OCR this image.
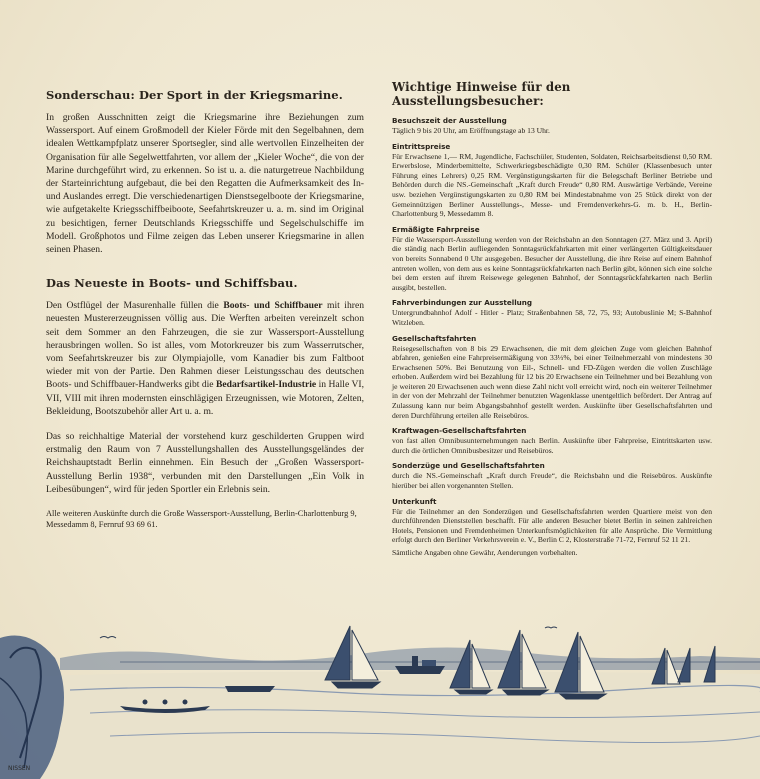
Sonderschau: Der Sport in der Kriegsmarine.

In großen Ausschnitten zeigt die Kriegsmarine ihre Beziehungen zum Wassersport. Auf einem Großmodell der Kieler Förde mit den Segelbahnen, dem idealen Wettkampfplatz unserer Sportsegler, sind alle wertvollen Einzelheiten der Organisation für alle Segelwettfahrten, vor allem der „Kieler Woche“, die von der Marine durchgeführt wird, zu erkennen. So ist u. a. die naturgetreue Nachbildung der Starteinrichtung aufgebaut, die bei den Regatten die Aufmerksamkeit des In- und Auslandes erregt. Die verschiedenartigen Dienstsegelboote der Kriegsmarine, wie aufgetakelte Kriegsschiffbeiboote, Seefahrtskreuzer u. a. m. sind im Original zu besichtigen, ferner Deutschlands Kriegsschiffe und Segelschulschiffe im Modell. Großphotos und Filme zeigen das Leben unserer Kriegsmarine in allen seinen Phasen.

Das Neueste in Boots- und Schiffsbau.

Den Ostflügel der Masurenhalle füllen die Boots- und Schiffbauer mit ihren neuesten Mustererzeugnissen völlig aus. Die Werften arbeiten vereinzelt schon seit dem Sommer an den Fahrzeugen, die sie zur Wassersport-Ausstellung herausbringen wollen. So ist alles, vom Motorkreuzer bis zum Wasserrutscher, vom Seefahrtskreuzer bis zur Olympiajolle, vom Kanadier bis zum Faltboot wieder mit von der Partie. Den Rahmen dieser Leistungsschau des deutschen Boots- und Schiffbauer-Handwerks gibt die Bedarfsartikel-Industrie in Halle VI, VII, VIII mit ihren modernsten einschlägigen Erzeugnissen, wie Motoren, Zelten, Bekleidung, Bootszubehör aller Art u. a. m.

Das so reichhaltige Material der vorstehend kurz geschilderten Gruppen wird erstmalig den Raum von 7 Ausstellungshallen des Ausstellungsgeländes der Reichshauptstadt Berlin einnehmen. Ein Besuch der „Großen Wassersport-Ausstellung Berlin 1938“, verbunden mit den Darstellungen „Ein Volk in Leibesübungen“, wird für jeden Sportler ein Erlebnis sein.

Alle weiteren Auskünfte durch die Große Wassersport-Ausstellung, Berlin-Charlottenburg 9, Messedamm 8, Fernruf 93 69 61.

Wichtige Hinweise für den Ausstellungsbesucher:
Besuchszeit der Ausstellung

Täglich 9 bis 20 Uhr, am Eröffnungstage ab 13 Uhr.

Eintrittspreise

Für Erwachsene 1,— RM, Jugendliche, Fachschüler, Studenten, Soldaten, Reichsarbeitsdienst 0,50 RM. Erwerbslose, Minderbemittelte, Schwerkriegsbeschädigte 0,30 RM. Schüler (Klassenbesuch unter Führung eines Lehrers) 0,25 RM. Vergünstigungskarten für die Belegschaft Berliner Betriebe und Behörden durch die NS.-Gemeinschaft „Kraft durch Freude“ 0,80 RM. Auswärtige Verbände, Vereine usw. beziehen Vergünstigungskarten zu 0,80 RM bei Mindestabnahme von 25 Stück direkt von der Gemeinnützigen Berliner Ausstellungs-, Messe- und Fremdenverkehrs-G. m. b. H., Berlin-Charlottenburg 9, Messedamm 8.

Ermäßigte Fahrpreise

Für die Wassersport-Ausstellung werden von der Reichsbahn an den Sonntagen (27. März und 3. April) die ständig nach Berlin aufliegenden Sonntagsrückfahrkarten mit einer verlängerten Gültigkeitsdauer von bereits Sonnabend 0 Uhr ausgegeben. Besucher der Ausstellung, die ihre Reise auf einem Bahnhof antreten wollen, von dem aus es keine Sonntagsrückfahrkarten nach Berlin gibt, können sich eine solche bei dem ersten auf ihrem Reisewege gelegenen Bahnhof, der Sonntagsrückfahrkarten nach Berlin ausgibt, bestellen.

Fahrverbindungen zur Ausstellung

Untergrundbahnhof Adolf - Hitler - Platz; Straßenbahnen 58, 72, 75, 93; Autobuslinie M; S-Bahnhof Witzleben.

Gesellschaftsfahrten

Reisegesellschaften von 8 bis 29 Erwachsenen, die mit dem gleichen Zuge vom gleichen Bahnhof abfahren, genießen eine Fahrpreisermäßigung von 33⅓%, bei einer Teilnehmerzahl von mindestens 30 Erwachsenen 50%. Bei Benutzung von Eil-, Schnell- und FD-Zügen werden die vollen Zuschläge erhoben. Außerdem wird bei Bezahlung für 12 bis 20 Erwachsene ein Teilnehmer und bei Bezahlung von je weiteren 20 Erwachsenen auch wenn diese Zahl nicht voll erreicht wird, noch ein weiterer Teilnehmer in der von der Mehrzahl der Teilnehmer benutzten Wagenklasse unentgeltlich befördert. Der Antrag auf Zulassung kann nur beim Abgangsbahnhof gestellt werden. Auskünfte über Gesellschaftsfahrten und deren Durchführung erteilen alle Reisebüros.

Kraftwagen-Gesellschaftsfahrten

von fast allen Omnibusunternehmungen nach Berlin. Auskünfte über Fahrpreise, Eintrittskarten usw. durch die örtlichen Omnibusbesitzer und Reisebüros.

Sonderzüge und Gesellschaftsfahrten

durch die NS.-Gemeinschaft „Kraft durch Freude“, die Reichsbahn und die Reisebüros. Auskünfte hierüber bei allen vorgenannten Stellen.

Unterkunft

Für die Teilnehmer an den Sonderzügen und Gesellschaftsfahrten werden Quartiere meist von den durchführenden Dienststellen beschafft. Für alle anderen Besucher bietet Berlin in seinen zahlreichen Hotels, Pensionen und Fremdenheimen Unterkunftsmöglichkeiten für alle Ansprüche. Die Vermittlung erfolgt durch den Berliner Verkehrsverein e. V., Berlin C 2, Klosterstraße 71-72, Fernruf 52 11 21.

Sämtliche Angaben ohne Gewähr, Aenderungen vorbehalten.

NISSEN
